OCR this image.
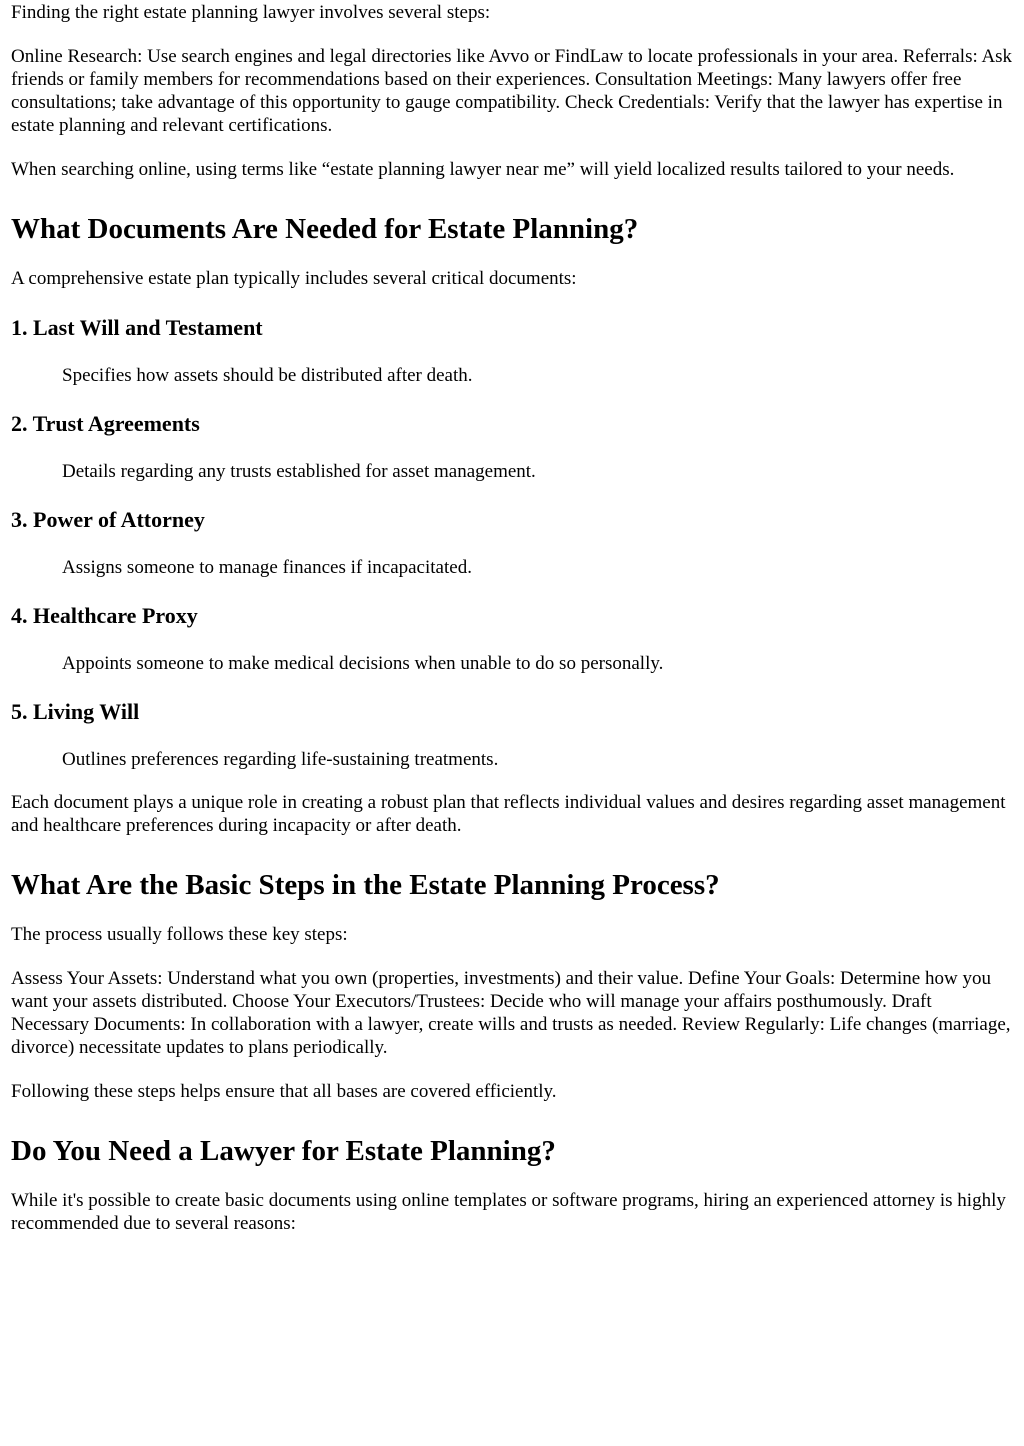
Finding the right estate planning lawyer involves several steps:

Online Research: Use search engines and legal directories like Avvo or FindLaw to locate professionals in your area. Referrals: Ask friends or family members for recommendations based on their experiences. Consultation Meetings: Many lawyers offer free consultations; take advantage of this opportunity to gauge compatibility. Check Credentials: Verify that the lawyer has expertise in estate planning and relevant certifications.

When searching online, using terms like “estate planning lawyer near me” will yield localized results tailored to your needs.

What Documents Are Needed for Estate Planning?

A comprehensive estate plan typically includes several critical documents:

1. Last Will and Testament

Specifies how assets should be distributed after death.

2. Trust Agreements

Details regarding any trusts established for asset management.

3. Power of Attorney

Assigns someone to manage finances if incapacitated.

4. Healthcare Proxy

Appoints someone to make medical decisions when unable to do so personally.

5. Living Will

Outlines preferences regarding life-sustaining treatments.

Each document plays a unique role in creating a robust plan that reflects individual values and desires regarding asset management and healthcare preferences during incapacity or after death.

What Are the Basic Steps in the Estate Planning Process?

The process usually follows these key steps:

Assess Your Assets: Understand what you own (properties, investments) and their value. Define Your Goals: Determine how you want your assets distributed. Choose Your Executors/Trustees: Decide who will manage your affairs posthumously. Draft Necessary Documents: In collaboration with a lawyer, create wills and trusts as needed. Review Regularly: Life changes (marriage, divorce) necessitate updates to plans periodically.

Following these steps helps ensure that all bases are covered efficiently.

Do You Need a Lawyer for Estate Planning?

While it's possible to create basic documents using online templates or software programs, hiring an experienced attorney is highly recommended due to several reasons:
